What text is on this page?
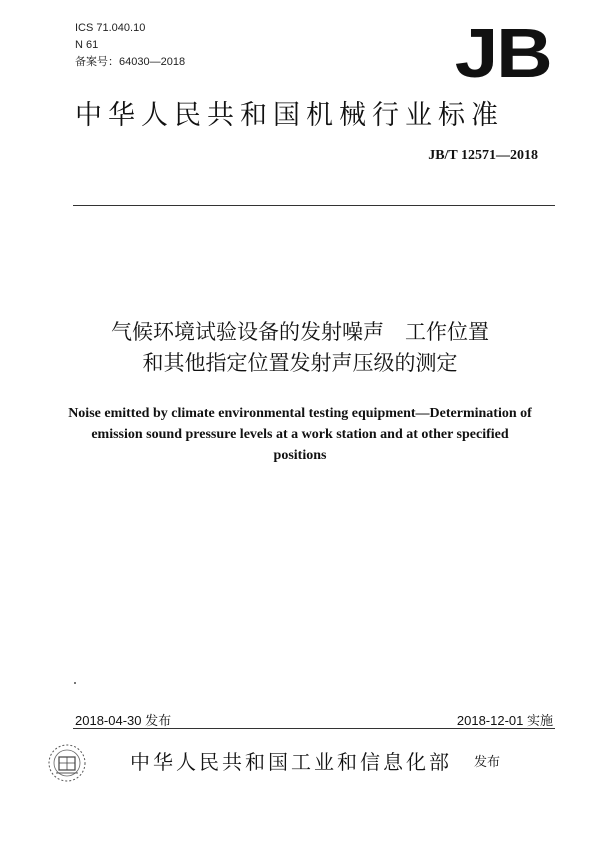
ICS 71.040.10
N 61
备案号：64030—2018	JB
中华人民共和国机械行业标准
JB/T 12571—2018
气候环境试验设备的发射噪声　工作位置
和其他指定位置发射声压级的测定
Noise emitted by climate environmental testing equipment—Determination of
emission sound pressure levels at a work station and at other specified
positions
2018-04-30 发布	2018-12-01 实施
中华人民共和国工业和信息化部 发布
